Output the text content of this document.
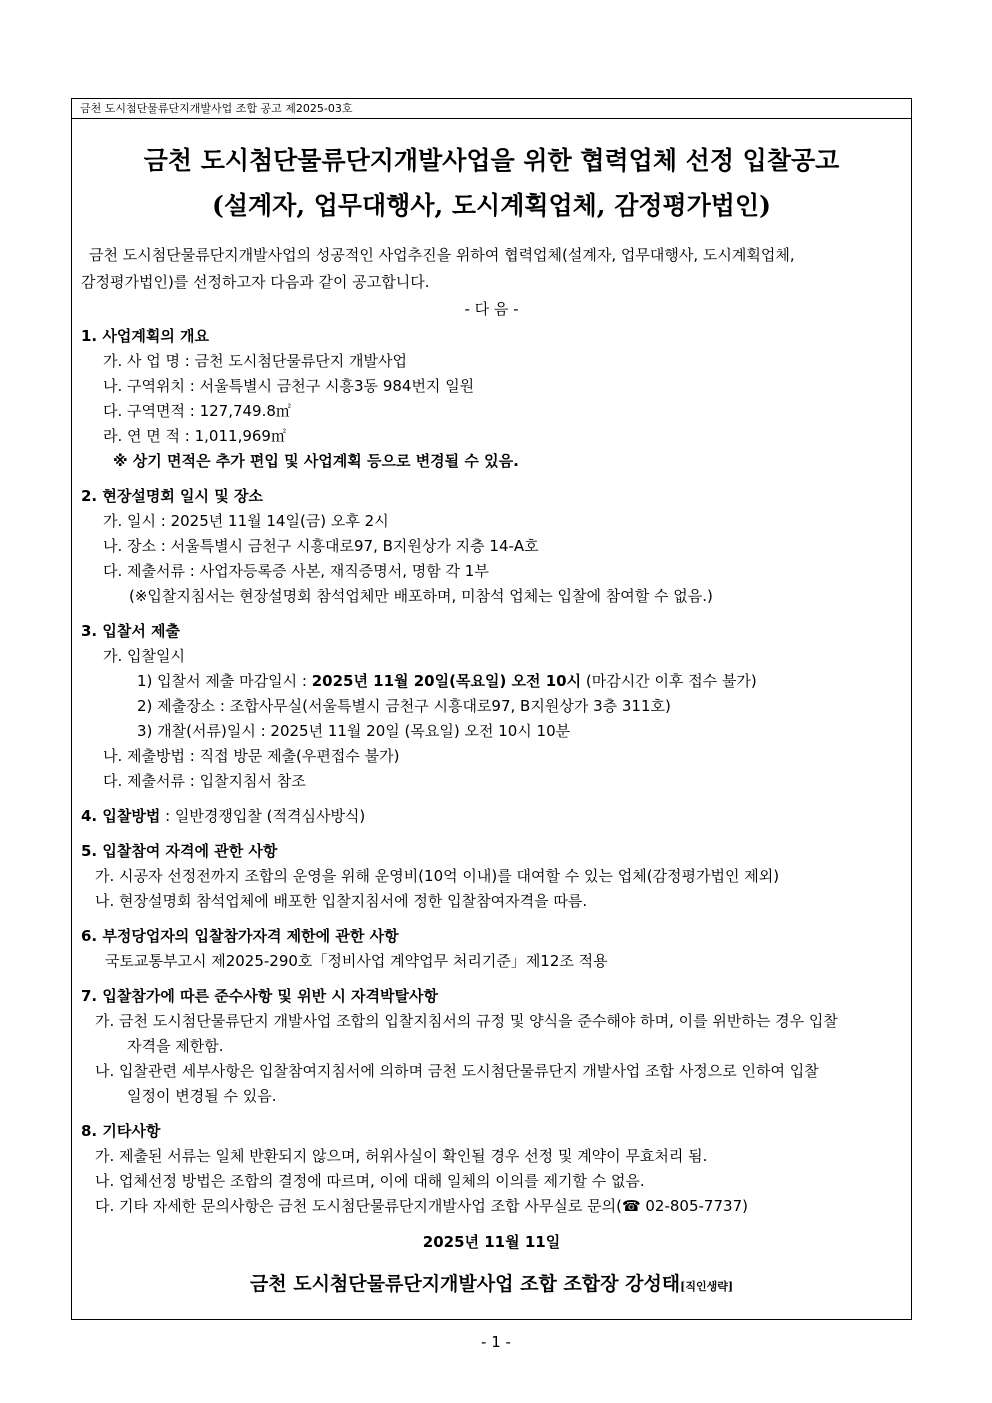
금천 도시첨단물류단지개발사업 조합 공고 제2025-03호
금천 도시첨단물류단지개발사업을 위한 협력업체 선정 입찰공고
(설계자, 업무대행사, 도시계획업체, 감정평가법인)
금천 도시첨단물류단지개발사업의 성공적인 사업추진을 위하여 협력업체(설계자, 업무대행사, 도시계획업체,
감정평가법인)를 선정하고자 다음과 같이 공고합니다.
- 다 음 -
1. 사업계획의 개요
가. 사 업 명 : 금천 도시첨단물류단지 개발사업
나. 구역위치 : 서울특별시 금천구 시흥3동 984번지 일원
다. 구역면적 : 127,749.8㎡
라. 연 면 적 : 1,011,969㎡
※ 상기 면적은 추가 편입 및 사업계획 등으로 변경될 수 있음.
2. 현장설명회 일시 및 장소
가. 일시 : 2025년 11월 14일(금) 오후 2시
나. 장소 : 서울특별시 금천구 시흥대로97, B지원상가 지층 14-A호
다. 제출서류 : 사업자등록증 사본, 재직증명서, 명함 각 1부
(※입찰지침서는 현장설명회 참석업체만 배포하며, 미참석 업체는 입찰에 참여할 수 없음.)
3. 입찰서 제출
가. 입찰일시
1) 입찰서 제출 마감일시 : 2025년 11월 20일(목요일) 오전 10시 (마감시간 이후 접수 불가)
2) 제출장소 : 조합사무실(서울특별시 금천구 시흥대로97, B지원상가 3층 311호)
3) 개찰(서류)일시 : 2025년 11월 20일 (목요일) 오전 10시 10분
나. 제출방법 : 직접 방문 제출(우편접수 불가)
다. 제출서류 : 입찰지침서 참조
4. 입찰방법 : 일반경쟁입찰 (적격심사방식)
5. 입찰참여 자격에 관한 사항
가. 시공자 선정전까지 조합의 운영을 위해 운영비(10억 이내)를 대여할 수 있는 업체(감정평가법인 제외)
나. 현장설명회 참석업체에 배포한 입찰지침서에 정한 입찰참여자격을 따름.
6. 부정당업자의 입찰참가자격 제한에 관한 사항
국토교통부고시 제2025-290호「정비사업 계약업무 처리기준」제12조 적용
7. 입찰참가에 따른 준수사항 및 위반 시 자격박탈사항
가. 금천 도시첨단물류단지 개발사업 조합의 입찰지침서의 규정 및 양식을 준수해야 하며, 이를 위반하는 경우 입찰
자격을 제한함.
나. 입찰관련 세부사항은 입찰참여지침서에 의하며 금천 도시첨단물류단지 개발사업 조합 사정으로 인하여 입찰
일정이 변경될 수 있음.
8. 기타사항
가. 제출된 서류는 일체 반환되지 않으며, 허위사실이 확인될 경우 선정 및 계약이 무효처리 됨.
나. 업체선정 방법은 조합의 결정에 따르며, 이에 대해 일체의 이의를 제기할 수 없음.
다. 기타 자세한 문의사항은 금천 도시첨단물류단지개발사업 조합 사무실로 문의(☎ 02-805-7737)
2025년 11월 11일
금천 도시첨단물류단지개발사업 조합 조합장 강성태[직인생략]
- 1 -
